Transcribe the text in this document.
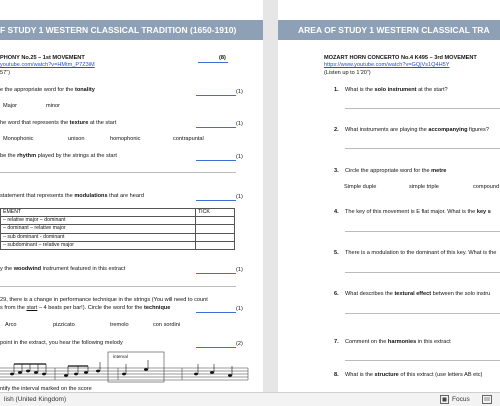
F STUDY 1 WESTERN CLASSICAL TRADITION (1650-1910)
PHONY No.25 – 1st MOVEMENT	(8)
youtube.com/watch?v=HMtm_P7Z3iM
57”)
e the appropriate word for the tonality	(1)
Major	minor
he word that represents the texture at the start	(1)
Monophonic	unison	homophonic	contrapuntal
be the rhythm played by the strings at the start	(1)
statement that represents the modulations that are heard	(1)
EMENT	TICK
– relative major – dominant	
– dominant – relative major	
– sub dominant - dominant	
– subdominant – relative major	
y the woodwind instrument featured in this extract	(1)
29, there is a change in performance technique in the strings (You will need to count
s from the start – 4 beats per bar!). Circle the word for the technique	(1)
Arco	pizzicato	tremolo	con sordini
point in the extract, you hear the following melody	(2)
interval
ntify the interval marked on the score
AREA OF STUDY 1 WESTERN CLASSICAL TRA
MOZART HORN CONCERTO No.4 K495 – 3rd MOVEMENT
https://www.youtube.com/watch?v=GQjVs1Q4H5Y
(Listen up to 1’20”)
1. What is the solo instrument at the start?
2. What instruments are playing the accompanying figures?
3. Circle the appropriate word for the metre
Simple duple	simple triple	compound
4. The key of this movement is E flat major. What is the key s
5. There is a modulation to the dominant of this key. What is the
6. What describes the textural effect between the solo instru
7. Comment on the harmonies in this extract
8. What is the structure of this extract (use letters AB etc)
lish (United Kingdom)	Focus
